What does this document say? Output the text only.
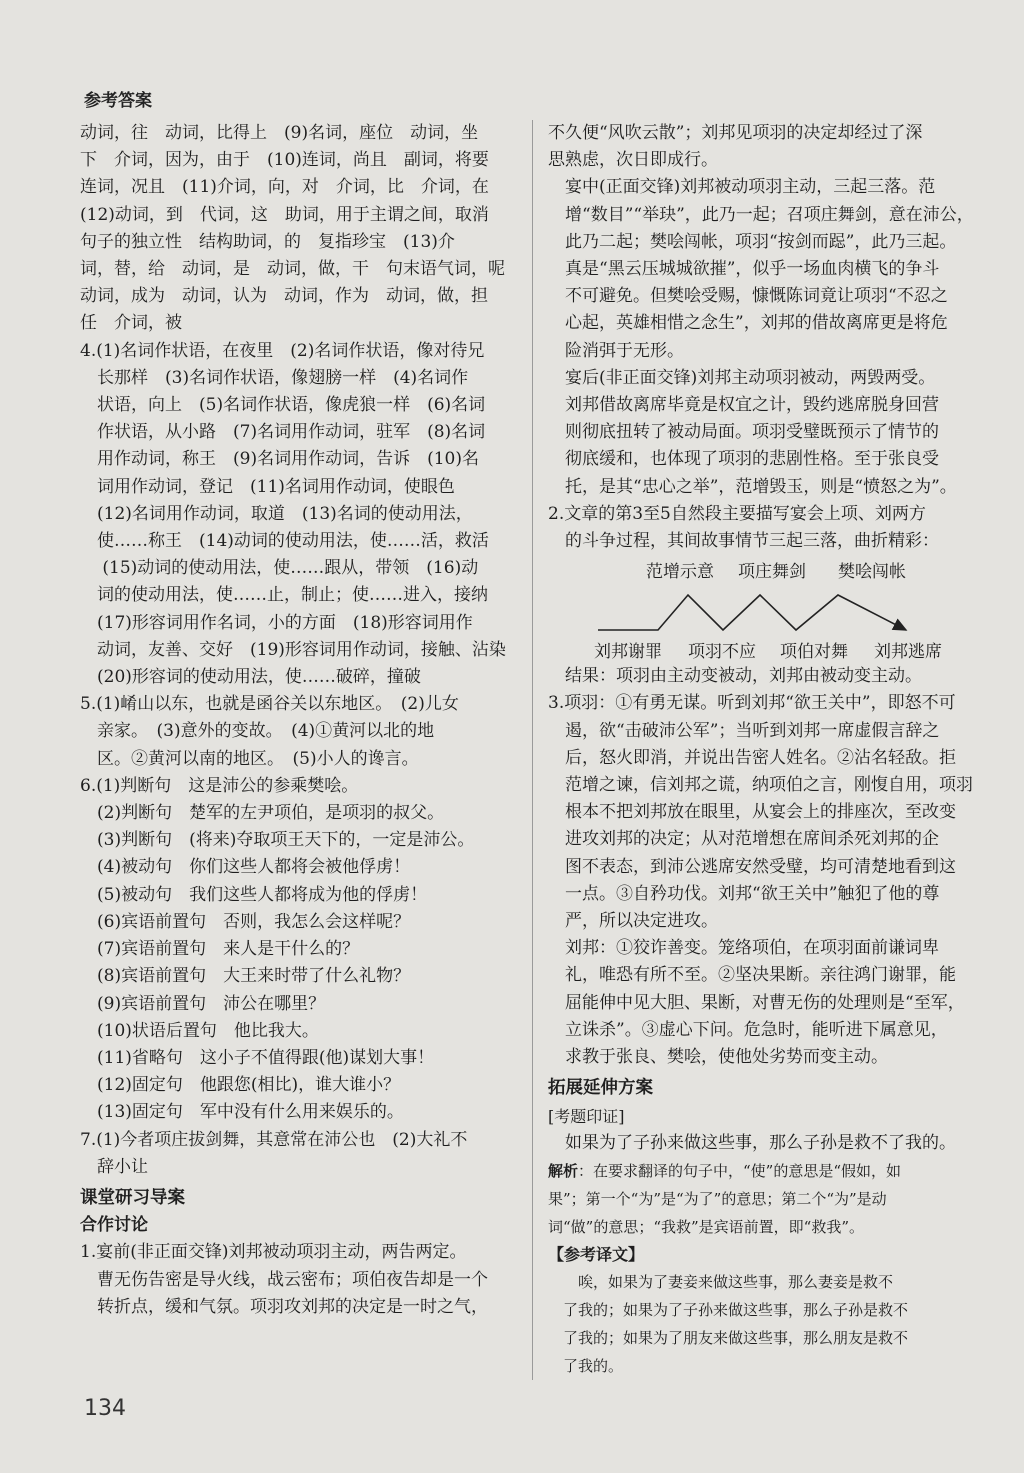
参考答案
动词，往　动词，比得上　(9)名词，座位　动词，坐
下　介词，因为，由于　(10)连词，尚且　副词，将要
连词，况且　(11)介词，向，对　介词，比　介词，在
(12)动词，到　代词，这　助词，用于主谓之间，取消
句子的独立性　结构助词，的　复指珍宝　(13)介
词，替，给　动词，是　动词，做，干　句末语气词，呢
动词，成为　动词，认为　动词，作为　动词，做，担
任　介词，被
4.(1)名词作状语，在夜里　(2)名词作状语，像对待兄
　长那样　(3)名词作状语，像翅膀一样　(4)名词作
　状语，向上　(5)名词作状语，像虎狼一样　(6)名词
　作状语，从小路　(7)名词用作动词，驻军　(8)名词
　用作动词，称王　(9)名词用作动词，告诉　(10)名
　词用作动词，登记　(11)名词用作动词，使眼色
　(12)名词用作动词，取道　(13)名词的使动用法，
　使……称王　(14)动词的使动用法，使……活，救活
　 (15)动词的使动用法，使……跟从，带领　(16)动
　词的使动用法，使……止，制止；使……进入，接纳
　(17)形容词用作名词，小的方面　(18)形容词用作
　动词，友善、交好　(19)形容词用作动词，接触、沾染
　(20)形容词的使动用法，使……破碎，撞破
5.(1)崤山以东，也就是函谷关以东地区。　(2)儿女
　亲家。　(3)意外的变故。　(4)①黄河以北的地
　区。②黄河以南的地区。　(5)小人的谗言。
6.(1)判断句　这是沛公的参乘樊哙。
　(2)判断句　楚军的左尹项伯，是项羽的叔父。
　(3)判断句　(将来)夺取项王天下的，一定是沛公。
　(4)被动句　你们这些人都将会被他俘虏！
　(5)被动句　我们这些人都将成为他的俘虏！
　(6)宾语前置句　否则，我怎么会这样呢？
　(7)宾语前置句　来人是干什么的？
　(8)宾语前置句　大王来时带了什么礼物？
　(9)宾语前置句　沛公在哪里？
　(10)状语后置句　他比我大。
　(11)省略句　这小子不值得跟(他)谋划大事！
　(12)固定句　他跟您(相比)，谁大谁小？
　(13)固定句　军中没有什么用来娱乐的。
7.(1)今者项庄拔剑舞，其意常在沛公也　(2)大礼不
　辞小让
课堂研习导案
合作讨论
1.宴前(非正面交锋)刘邦被动项羽主动，两告两定。
　曹无伤告密是导火线，战云密布；项伯夜告却是一个
　转折点，缓和气氛。项羽攻刘邦的决定是一时之气，
不久便“风吹云散”；刘邦见项羽的决定却经过了深
思熟虑，次日即成行。
　宴中(正面交锋)刘邦被动项羽主动，三起三落。范
　增“数目”“举玦”，此乃一起；召项庄舞剑，意在沛公，
　此乃二起；樊哙闯帐，项羽“按剑而跽”，此乃三起。
　真是“黑云压城城欲摧”，似乎一场血肉横飞的争斗
　不可避免。但樊哙受赐，慷慨陈词竟让项羽“不忍之
　心起，英雄相惜之念生”，刘邦的借故离席更是将危
　险消弭于无形。
　宴后(非正面交锋)刘邦主动项羽被动，两毁两受。
　刘邦借故离席毕竟是权宜之计，毁约逃席脱身回营
　则彻底扭转了被动局面。项羽受璧既预示了情节的
　彻底缓和，也体现了项羽的悲剧性格。至于张良受
　托，是其“忠心之举”，范增毁玉，则是“愤怒之为”。
2.文章的第3至5自然段主要描写宴会上项、刘两方
　的斗争过程，其间故事情节三起三落，曲折精彩：
范增示意 项庄舞剑 樊哙闯帐
刘邦谢罪 项羽不应 项伯对舞 刘邦逃席
　结果：项羽由主动变被动，刘邦由被动变主动。
3.项羽：①有勇无谋。听到刘邦“欲王关中”，即怒不可
　遏，欲“击破沛公军”；当听到刘邦一席虚假言辞之
　后，怒火即消，并说出告密人姓名。②沾名轻敌。拒
　范增之谏，信刘邦之谎，纳项伯之言，刚愎自用，项羽
　根本不把刘邦放在眼里，从宴会上的排座次，至改变
　进攻刘邦的决定；从对范增想在席间杀死刘邦的企
　图不表态，到沛公逃席安然受璧，均可清楚地看到这
　一点。③自矜功伐。刘邦“欲王关中”触犯了他的尊
　严，所以决定进攻。
　刘邦：①狡诈善变。笼络项伯，在项羽面前谦词卑
　礼，唯恐有所不至。②坚决果断。亲往鸿门谢罪，能
　屈能伸中见大胆、果断，对曹无伤的处理则是“至军，
　立诛杀”。③虚心下问。危急时，能听进下属意见，
　求教于张良、樊哙，使他处劣势而变主动。
拓展延伸方案
[考题印证]
　如果为了子孙来做这些事，那么子孙是救不了我的。
解析：在要求翻译的句子中，“使”的意思是“假如，如
果”；第一个“为”是“为了”的意思；第二个“为”是动
词“做”的意思；“我救”是宾语前置，即“救我”。
【参考译文】
　　唉，如果为了妻妾来做这些事，那么妻妾是救不
　了我的；如果为了子孙来做这些事，那么子孙是救不
　了我的；如果为了朋友来做这些事，那么朋友是救不
　了我的。
134
